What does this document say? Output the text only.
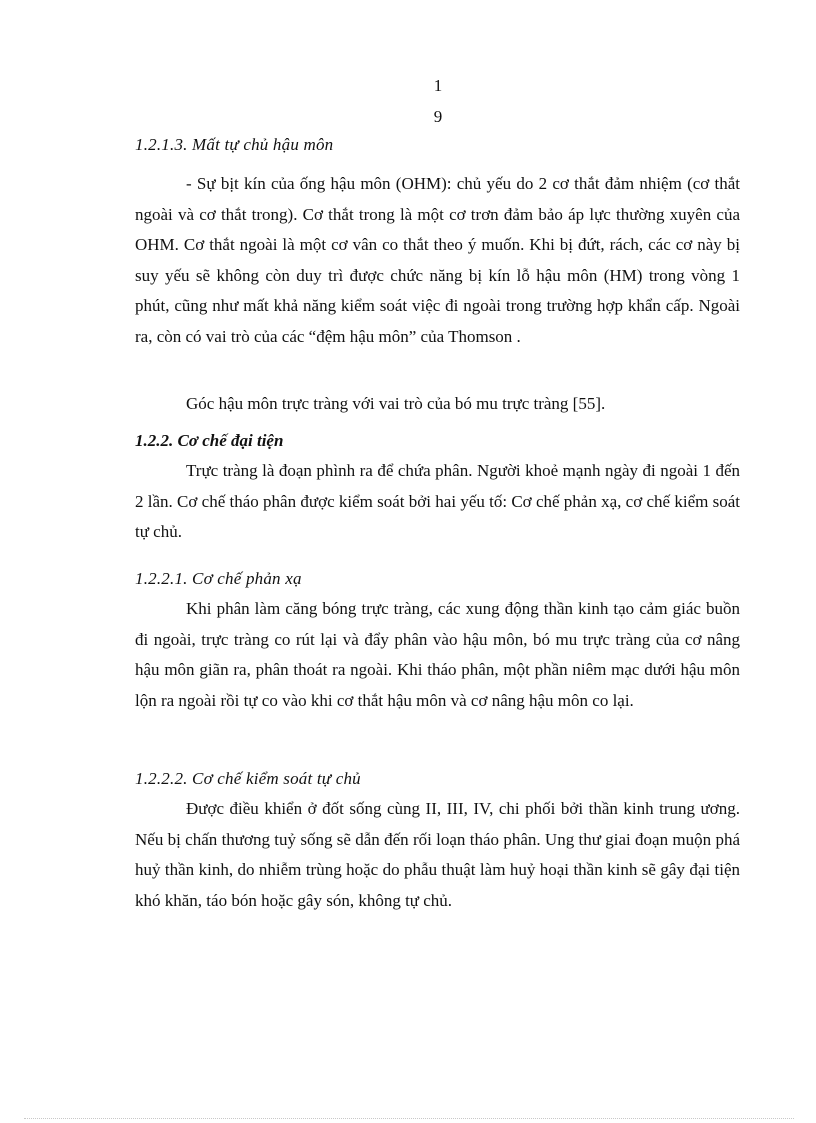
1
9
1.2.1.3. Mất tự chủ hậu môn

- Sự bịt kín của ống hậu môn (OHM): chủ yếu do 2 cơ thắt đảm nhiệm (cơ thắt ngoài và cơ thắt trong). Cơ thắt trong là một cơ trơn đảm bảo áp lực thường xuyên của OHM. Cơ thắt ngoài là một cơ vân co thắt theo ý muốn. Khi bị đứt, rách, các cơ này bị suy yếu sẽ không còn duy trì được chức năng bị kín lỗ hậu môn (HM) trong vòng 1 phút, cũng như mất khả năng kiểm soát việc đi ngoài trong trường hợp khẩn cấp. Ngoài ra, còn có vai trò của các “đệm hậu môn” của Thomson .

Góc hậu môn trực tràng với vai trò của bó mu trực tràng [55].

1.2.2. Cơ chế đại tiện

Trực tràng là đoạn phình ra để chứa phân. Người khoẻ mạnh ngày đi ngoài 1 đến 2 lần. Cơ chế tháo phân được kiểm soát bởi hai yếu tố: Cơ chế phản xạ, cơ chế kiểm soát tự chủ.

1.2.2.1. Cơ chế phản xạ

Khi phân làm căng bóng trực tràng, các xung động thần kinh tạo cảm giác buồn đi ngoài, trực tràng co rút lại và đẩy phân vào hậu môn, bó mu trực tràng của cơ nâng hậu môn giãn ra, phân thoát ra ngoài. Khi tháo phân, một phần niêm mạc dưới hậu môn lộn ra ngoài rồi tự co vào khi cơ thắt hậu môn và cơ nâng hậu môn co lại.

1.2.2.2. Cơ chế kiểm soát tự chủ

Được điều khiển ở đốt sống cùng II, III, IV, chi phối bởi thần kinh trung ương. Nếu bị chấn thương tuỷ sống sẽ dẫn đến rối loạn tháo phân. Ung thư giai đoạn muộn phá huỷ thần kinh, do nhiễm trùng hoặc do phẫu thuật làm huỷ hoại thần kinh sẽ gây đại tiện khó khăn, táo bón hoặc gây són, không tự chủ.
